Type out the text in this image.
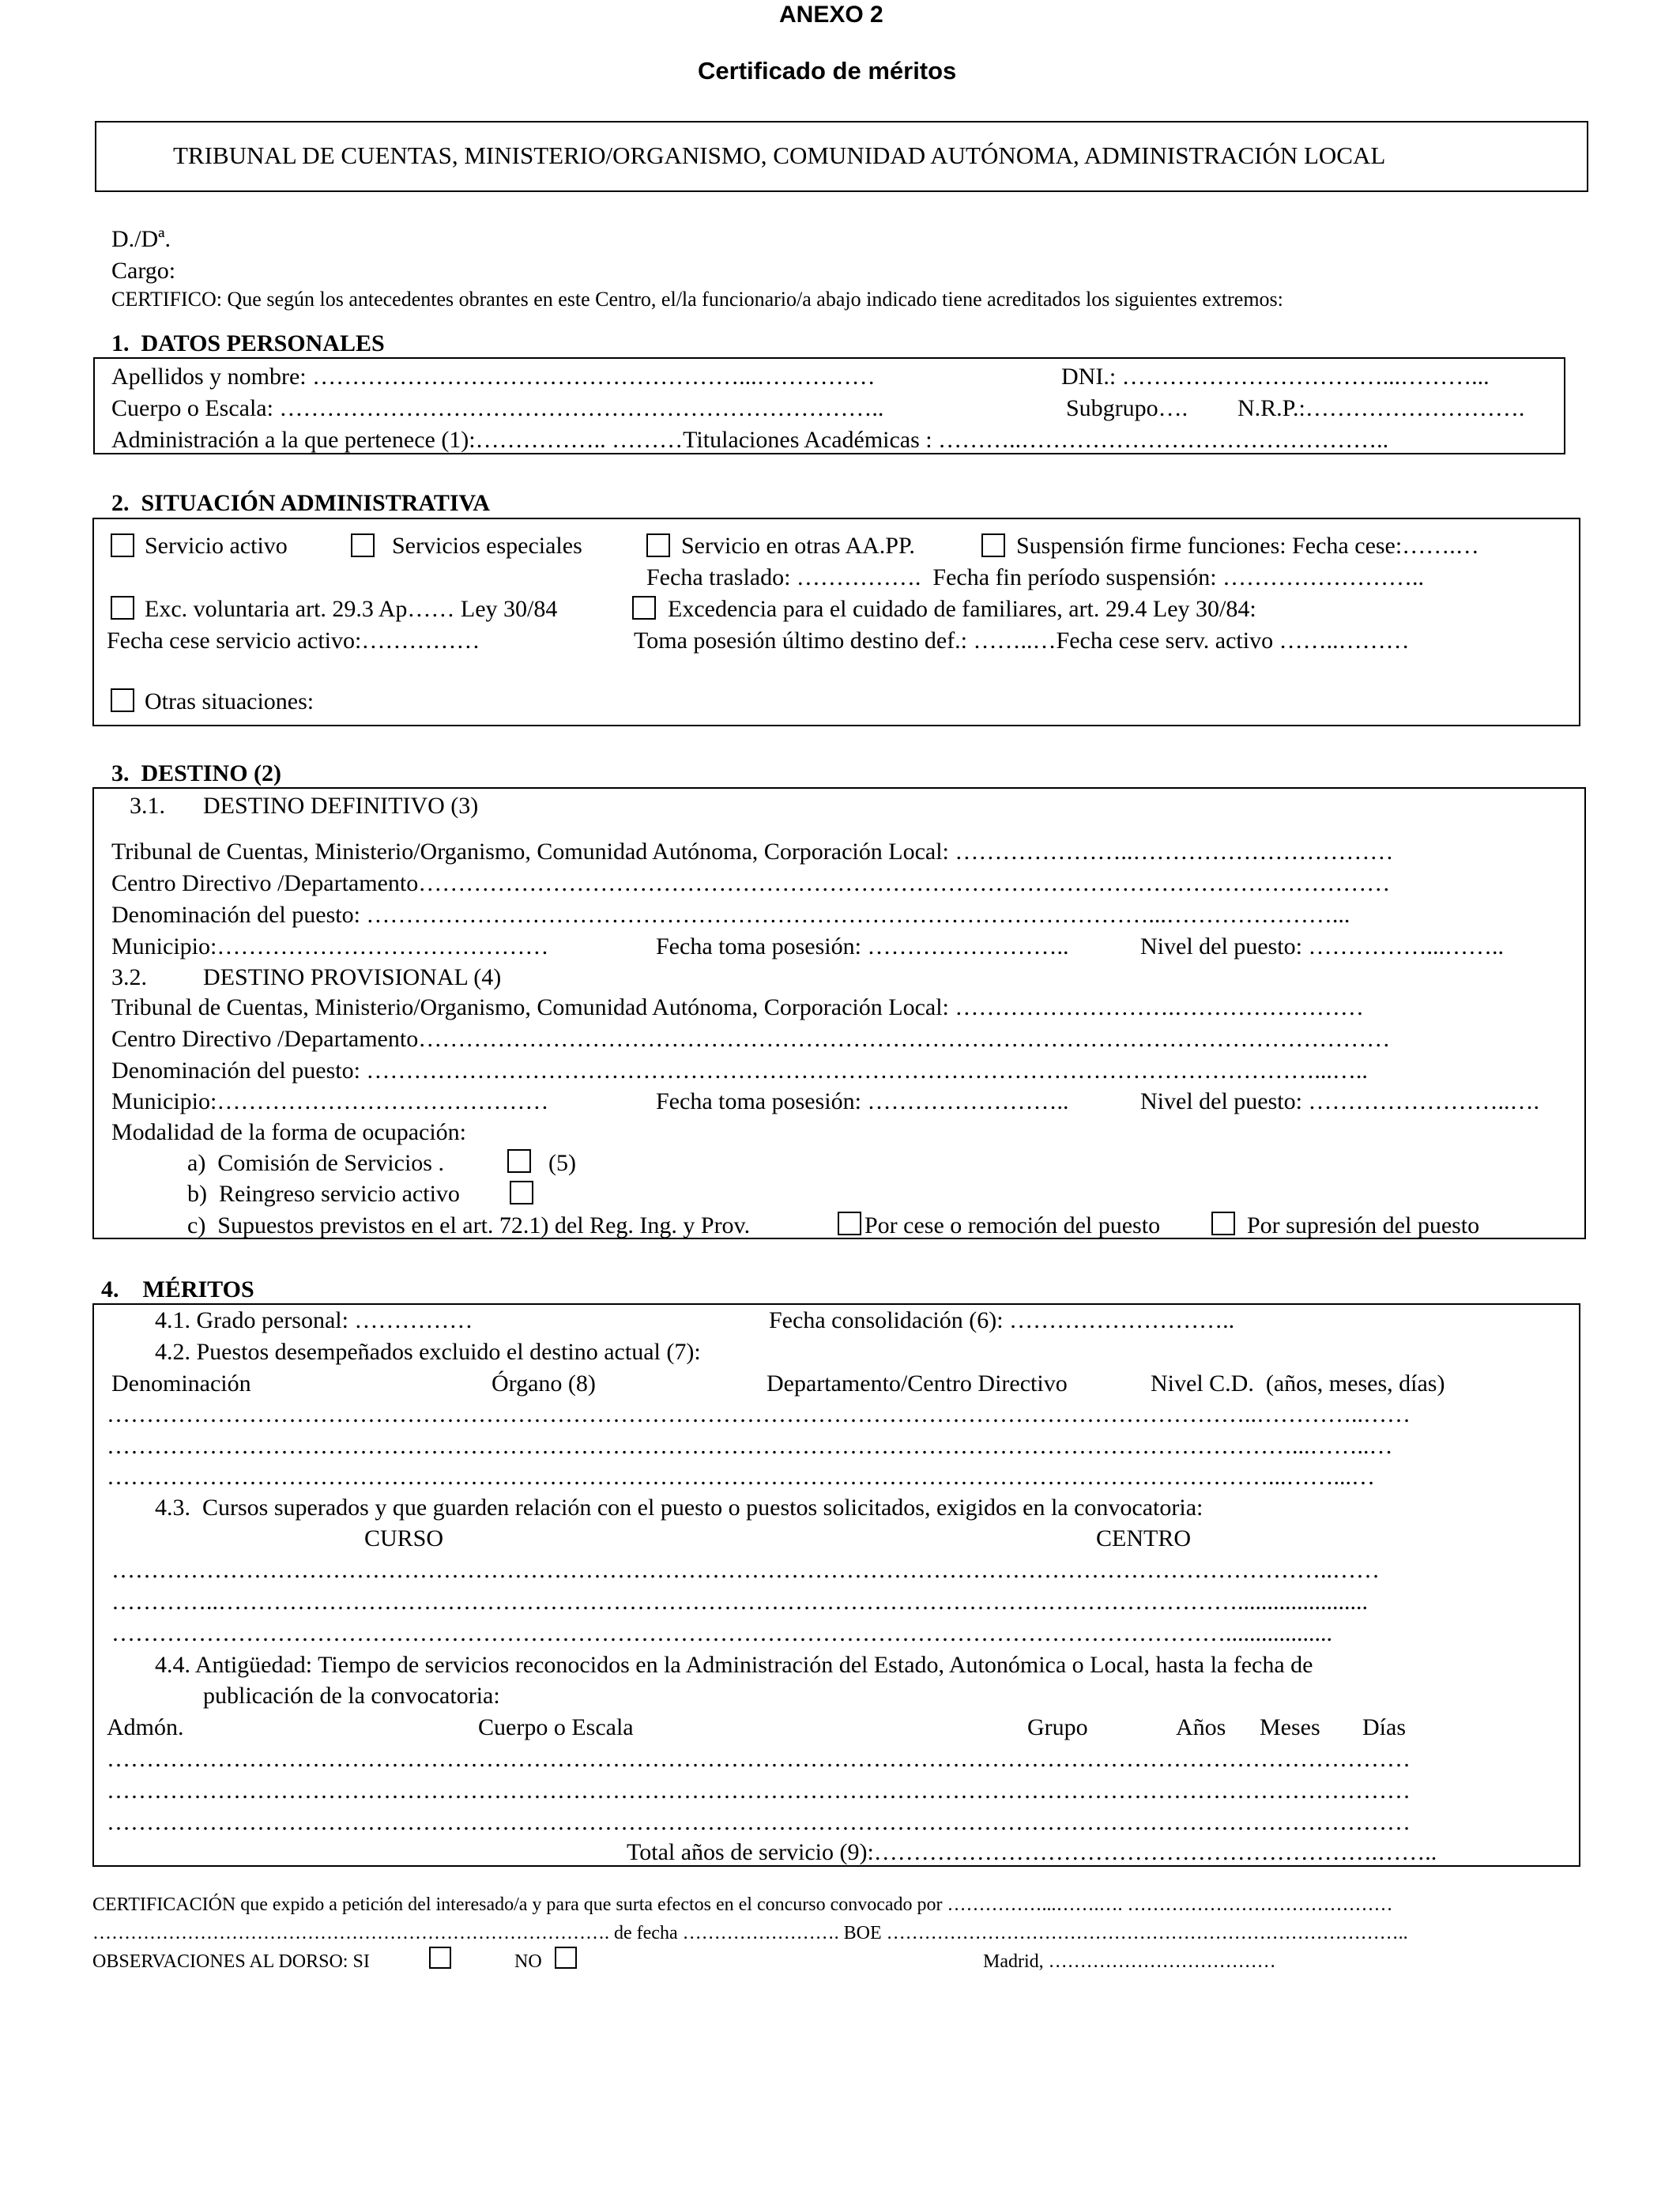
ANEXO 2
Certificado de méritos
TRIBUNAL DE CUENTAS, MINISTERIO/ORGANISMO, COMUNIDAD AUTÓNOMA, ADMINISTRACIÓN LOCAL
D./Dª.
Cargo:
CERTIFICO: Que según los antecedentes obrantes en este Centro, el/la funcionario/a abajo indicado tiene acreditados los siguientes extremos:
1.  DATOS PERSONALES
Apellidos y nombre: ………………………………………………...……………	DNI.: ……………………………...………...
Cuerpo o Escala: …………………………………………………………………..	Subgrupo…. N.R.P.:……………………….
Administración a la que pertenece (1):…………….. ………Titulaciones Académicas : ………..………………………………………..
2.  SITUACIÓN ADMINISTRATIVA
Servicio activo	Servicios especiales	Servicio en otras AA.PP.	Suspensión firme funciones: Fecha cese:…….…
Fecha traslado: …………….  Fecha fin período suspensión: ……………………..
Exc. voluntaria art. 29.3 Ap…… Ley 30/84	Excedencia para el cuidado de familiares, art. 29.4 Ley 30/84:
Fecha cese servicio activo:……………	Toma posesión último destino def.: ……..…Fecha cese serv. activo ……..………
Otras situaciones:
3.  DESTINO (2)
3.1. DESTINO DEFINITIVO (3)
Tribunal de Cuentas, Ministerio/Organismo, Comunidad Autónoma, Corporación Local: …………………..……………………………
Centro Directivo /Departamento……………………………………………………………………………………………………………
Denominación del puesto: ………………………………………………………………………………………...…………………...
Municipio:……………………………………	Fecha toma posesión: ……………………..	Nivel del puesto: ……………...……..
3.2. DESTINO PROVISIONAL (4)
Tribunal de Cuentas, Ministerio/Organismo, Comunidad Autónoma, Corporación Local: ……………………….……………………
Centro Directivo /Departamento……………………………………………………………………………………………………………
Denominación del puesto: …………………………………………………………………………………………………………...…..
Municipio:……………………………………	Fecha toma posesión: ……………………..	Nivel del puesto: ……………………..….
Modalidad de la forma de ocupación:
a)  Comisión de Servicios .	(5)
b)  Reingreso servicio activo
c)  Supuestos previstos en el art. 72.1) del Reg. Ing. y Prov.	Por cese o remoción del puesto	Por supresión del puesto
4.    MÉRITOS
4.1. Grado personal: ……………	Fecha consolidación (6): ………………………..
4.2. Puestos desempeñados excluido el destino actual (7):
Denominación	Órgano (8)	Departamento/Centro Directivo	Nivel C.D.  (años, meses, días)
………………………………………………………………………………………………………………………………..…………..……
……………………………………………………………………………………………………………………………………...……..…
…………………………………………………………………………………………………………………………………...……...…
4.3.  Cursos superados y que guarden relación con el puesto o puestos solicitados, exigidos en la convocatoria:
CURSO	CENTRO
………………………………………………………………………………………………………………………………………..……
…………..…………………………………………………………………………………………………………………......................
……………………………………………………………………………………………………………………………..................
4.4. Antigüedad: Tiempo de servicios reconocidos en la Administración del Estado, Autonómica o Local, hasta la fecha de
publicación de la convocatoria:
Admón.	Cuerpo o Escala	Grupo	Años Meses Días
…………………………………………………………………………………………………………………………………………………
…………………………………………………………………………………………………………………………………………………
…………………………………………………………………………………………………………………………………………………
Total años de servicio (9):……………………………………………………….……..
CERTIFICACIÓN que expido a petición del interesado/a y para que surta efectos en el concurso convocado por ……………...…….…. ……………………………………
………………………………………………………………………. de fecha ……………………. BOE ………………………………………………………………………..
OBSERVACIONES AL DORSO: SI	NO	Madrid, ………………………………
